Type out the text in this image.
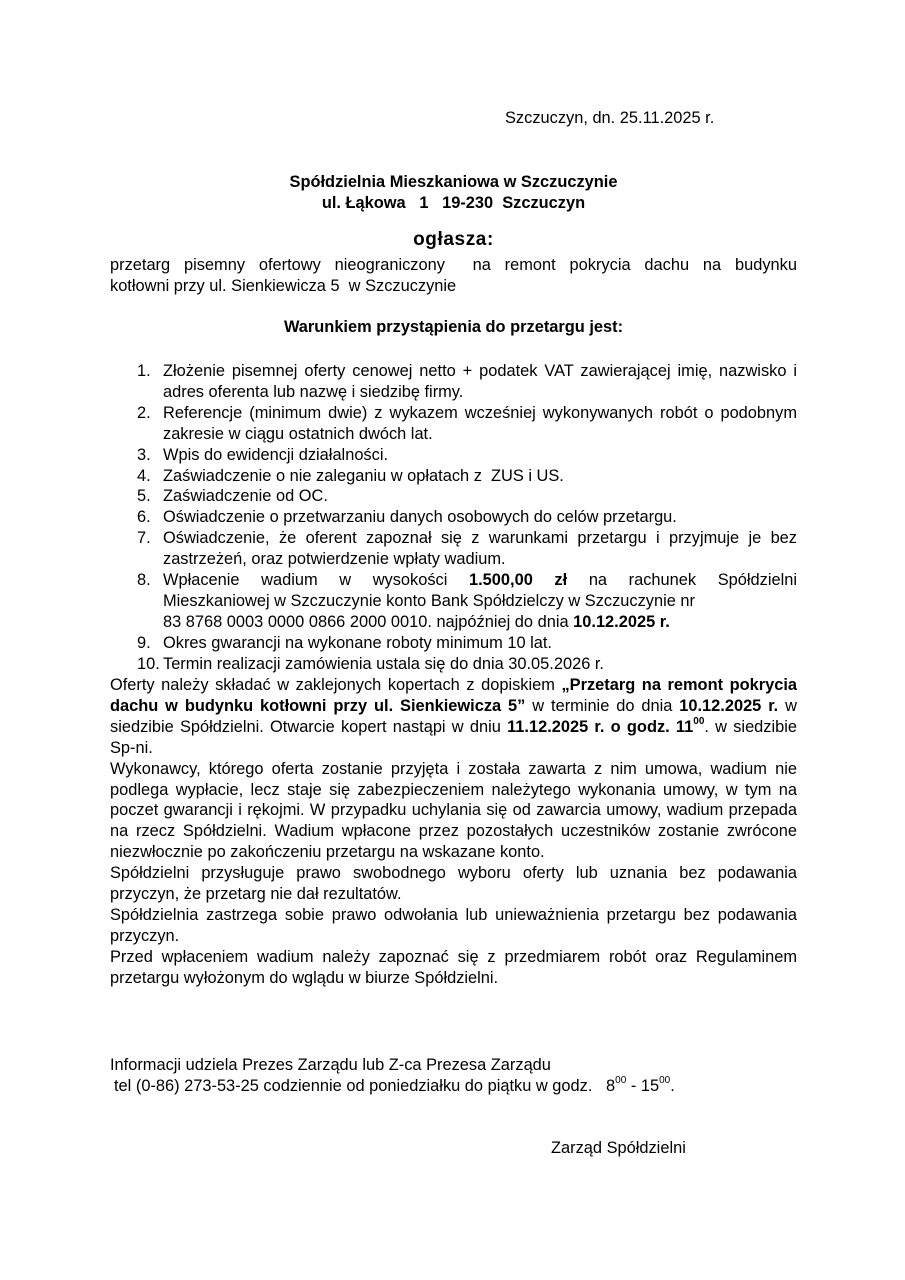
Szczuczyn, dn. 25.11.2025 r.
Spółdzielnia Mieszkaniowa w Szczuczynie
ul. Łąkowa   1   19-230  Szczuczyn
ogłasza:
przetarg pisemny ofertowy nieograniczony  na remont pokrycia dachu na budynku
kotłowni przy ul. Sienkiewicza 5  w Szczuczynie
Warunkiem przystąpienia do przetargu jest:
1. Złożenie pisemnej oferty cenowej netto + podatek VAT zawierającej imię, nazwisko i adres oferenta lub nazwę i siedzibę firmy.
2. Referencje (minimum dwie) z wykazem wcześniej wykonywanych robót o podobnym zakresie w ciągu ostatnich dwóch lat.
3. Wpis do ewidencji działalności.
4. Zaświadczenie o nie zaleganiu w opłatach z  ZUS i US.
5. Zaświadczenie od OC.
6. Oświadczenie o przetwarzaniu danych osobowych do celów przetargu.
7. Oświadczenie, że oferent zapoznał się z warunkami przetargu i przyjmuje je bez zastrzeżeń, oraz potwierdzenie wpłaty wadium.
8. Wpłacenie wadium w wysokości 1.500,00 zł na rachunek Spółdzielni
Mieszkaniowej w Szczuczynie konto Bank Spółdzielczy w Szczuczynie nr
83 8768 0003 0000 0866 2000 0010. najpóźniej do dnia 10.12.2025 r.
9. Okres gwarancji na wykonane roboty minimum 10 lat.
10. Termin realizacji zamówienia ustala się do dnia 30.05.2026 r.

Oferty należy składać w zaklejonych kopertach z dopiskiem „Przetarg na remont pokrycia dachu w budynku kotłowni przy ul. Sienkiewicza 5” w terminie do dnia 10.12.2025 r. w siedzibie Spółdzielni. Otwarcie kopert nastąpi w dniu 11.12.2025 r. o godz. $11^{00}$. w siedzibie Sp-ni.

Wykonawcy, którego oferta zostanie przyjęta i została zawarta z nim umowa, wadium nie podlega wypłacie, lecz staje się zabezpieczeniem należytego wykonania umowy, w tym na poczet gwarancji i rękojmi. W przypadku uchylania się od zawarcia umowy, wadium przepada na rzecz Spółdzielni. Wadium wpłacone przez pozostałych uczestników zostanie zwrócone niezwłocznie po zakończeniu przetargu na wskazane konto.

Spółdzielni przysługuje prawo swobodnego wyboru oferty lub uznania bez podawania przyczyn, że przetarg nie dał rezultatów.

Spółdzielnia zastrzega sobie prawo odwołania lub unieważnienia przetargu bez podawania przyczyn.

Przed wpłaceniem wadium należy zapoznać się z przedmiarem robót oraz Regulaminem przetargu wyłożonym do wglądu w biurze Spółdzielni.

Informacji udziela Prezes Zarządu lub Z-ca Prezesa Zarządu
tel (0-86) 273-53-25 codziennie od poniedziałku do piątku w godz.   $8^{00} - 15^{00}$.
Zarząd Spółdzielni
